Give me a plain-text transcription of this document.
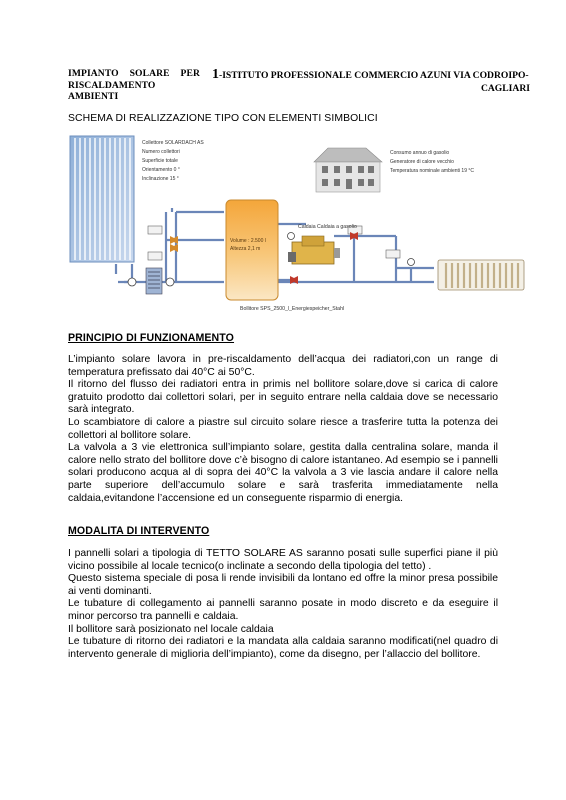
IMPIANTO SOLARE PER RISCALDAMENTO AMBIENTI
1-ISTITUTO PROFESSIONALE COMMERCIO AZUNI VIA CODROIPO-
CAGLIARI
SCHEMA DI REALIZZAZIONE TIPO CON ELEMENTI SIMBOLICI
Collettore SOLARDACH AS
Numero collettori
Superficie totale
Orientamento 0 °
Inclinazione 15 °
Consumo annuo di gasolio
Generatore di calore vecchio
Temperatura nominale ambienti 19 °C
Volume : 2.500 l
Altezza 2,1 m
Caldaia Caldaia a gasolio
Bollitore SPS_2500_l_Energiespeicher_Stahl
PRINCIPIO DI FUNZIONAMENTO

L’impianto solare lavora in pre-riscaldamento dell’acqua dei radiatori,con un range di temperatura prefissato dai 40°C ai 50°C.

Il ritorno del flusso dei radiatori entra in primis nel bollitore solare,dove si carica di calore gratuito prodotto dai collettori solari, per in seguito entrare nella caldaia dove se necessario sarà integrato.

Lo scambiatore di calore a piastre sul circuito solare riesce a trasferire tutta la potenza dei collettori al bollitore solare.

La valvola a 3 vie elettronica sull’impianto solare, gestita dalla centralina solare, manda il calore nello strato del bollitore dove c’è bisogno di calore istantaneo. Ad esempio se i pannelli solari producono acqua al di sopra dei 40°C la valvola a 3 vie lascia andare il calore nella parte superiore dell’accumulo solare e sarà trasferita immediatamente nella caldaia,evitandone l’accensione ed un conseguente risparmio di energia.

MODALITA DI INTERVENTO

I pannelli solari a tipologia di TETTO SOLARE AS saranno posati sulle superfici piane il più vicino possibile al locale tecnico(o inclinate a secondo della tipologia del tetto) .

Questo sistema speciale di posa li rende invisibili da lontano ed offre la minor presa possibile ai venti dominanti.

Le tubature di collegamento ai pannelli saranno posate in modo discreto e da eseguire il minor percorso tra pannelli e caldaia.

Il bollitore sarà posizionato nel locale caldaia

Le tubature di ritorno dei radiatori e la mandata alla caldaia saranno modificati(nel quadro di intervento generale di miglioria dell’impianto), come da disegno, per l’allaccio del bollitore.
